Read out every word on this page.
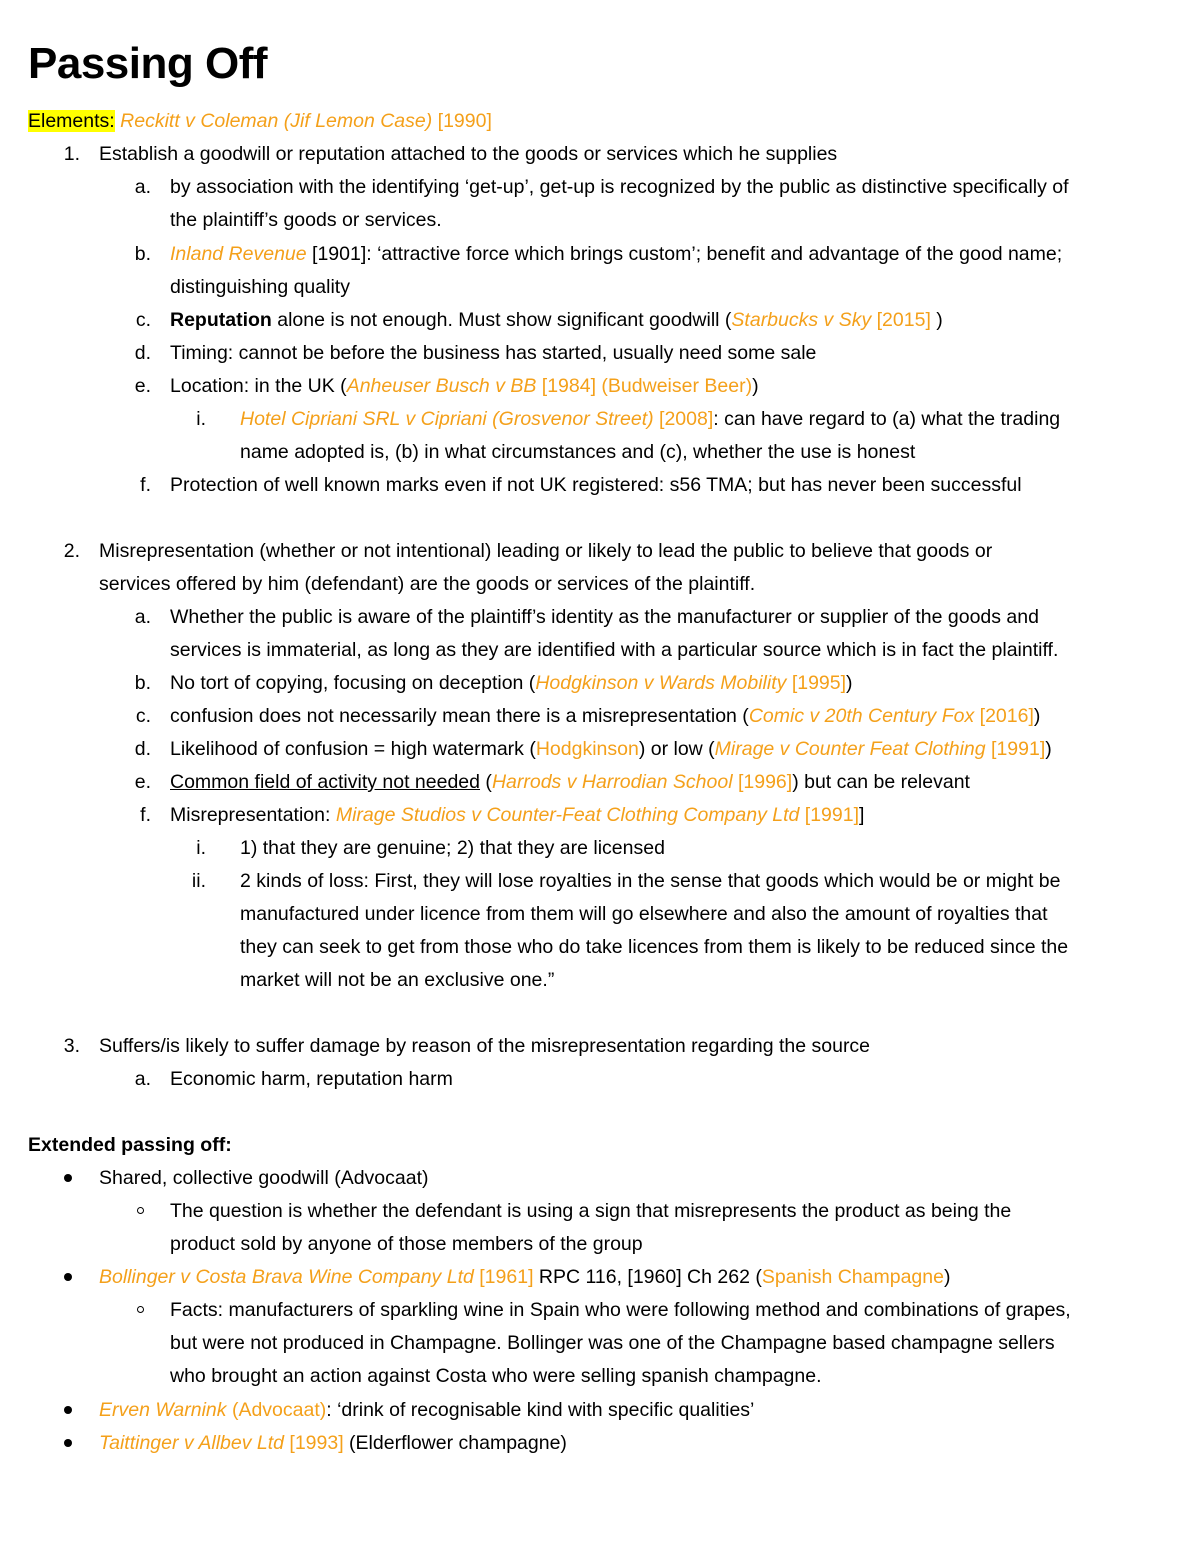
Passing Off
Elements: Reckitt v Coleman (Jif Lemon Case) [1990]
1. Establish a goodwill or reputation attached to the goods or services which he supplies
a. by association with the identifying ‘get-up’, get-up is recognized by the public as distinctive specifically of
the plaintiff’s goods or services.
b. Inland Revenue [1901]: ‘attractive force which brings custom’; benefit and advantage of the good name;
distinguishing quality
c. Reputation alone is not enough. Must show significant goodwill (Starbucks v Sky [2015] )
d. Timing: cannot be before the business has started, usually need some sale
e. Location: in the UK (Anheuser Busch v BB [1984] (Budweiser Beer))
i. Hotel Cipriani SRL v Cipriani (Grosvenor Street) [2008]: can have regard to (a) what the trading
name adopted is, (b) in what circumstances and (c), whether the use is honest
f. Protection of well known marks even if not UK registered: s56 TMA; but has never been successful
2. Misrepresentation (whether or not intentional) leading or likely to lead the public to believe that goods or
services offered by him (defendant) are the goods or services of the plaintiff.
a. Whether the public is aware of the plaintiff’s identity as the manufacturer or supplier of the goods and
services is immaterial, as long as they are identified with a particular source which is in fact the plaintiff.
b. No tort of copying, focusing on deception (Hodgkinson v Wards Mobility [1995])
c. confusion does not necessarily mean there is a misrepresentation (Comic v 20th Century Fox [2016])
d. Likelihood of confusion = high watermark (Hodgkinson) or low (Mirage v Counter Feat Clothing [1991])
e. Common field of activity not needed (Harrods v Harrodian School [1996]) but can be relevant
f. Misrepresentation: Mirage Studios v Counter-Feat Clothing Company Ltd [1991]]
i. 1) that they are genuine; 2) that they are licensed
ii. 2 kinds of loss: First, they will lose royalties in the sense that goods which would be or might be
manufactured under licence from them will go elsewhere and also the amount of royalties that
they can seek to get from those who do take licences from them is likely to be reduced since the
market will not be an exclusive one.”
3. Suffers/is likely to suffer damage by reason of the misrepresentation regarding the source
a. Economic harm, reputation harm
Extended passing off:
Shared, collective goodwill (Advocaat)
The question is whether the defendant is using a sign that misrepresents the product as being the
product sold by anyone of those members of the group
Bollinger v Costa Brava Wine Company Ltd [1961] RPC 116, [1960] Ch 262 (Spanish Champagne)
Facts: manufacturers of sparkling wine in Spain who were following method and combinations of grapes,
but were not produced in Champagne. Bollinger was one of the Champagne based champagne sellers
who brought an action against Costa who were selling spanish champagne.
Erven Warnink (Advocaat): ‘drink of recognisable kind with specific qualities’
Taittinger v Allbev Ltd [1993] (Elderflower champagne)
